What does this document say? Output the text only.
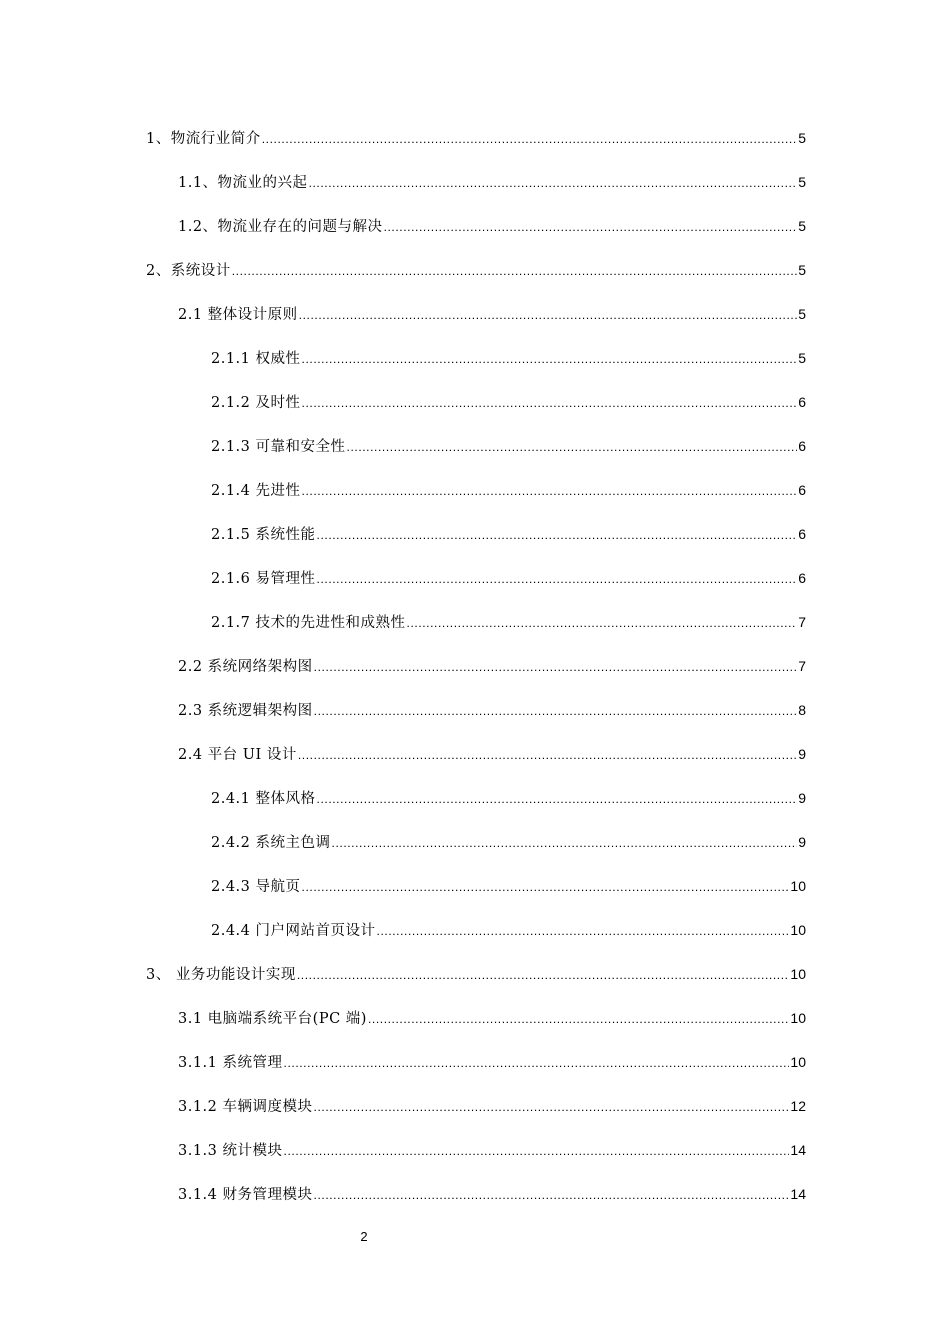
1、物流行业简介 .....	5
1.1、物流业的兴起 .....	5
1.2、物流业存在的问题与解决 .....	5
2、系统设计 .....	5
2.1 整体设计原则 .....	5
2.1.1 权威性 .....	5
2.1.2 及时性 .....	6
2.1.3 可靠和安全性 .....	6
2.1.4 先进性 .....	6
2.1.5 系统性能 .....	6
2.1.6 易管理性 .....	6
2.1.7 技术的先进性和成熟性 .....	7
2.2 系统网络架构图 .....	7
2.3 系统逻辑架构图 .....	8
2.4 平台 UI 设计 .....	9
2.4.1 整体风格 .....	9
2.4.2 系统主色调 .....	9
2.4.3 导航页 .....	10
2.4.4 门户网站首页设计 .....	10
3、 业务功能设计实现 .....	10
3.1 电脑端系统平台(PC 端) .....	10
3.1.1 系统管理 .....	10
3.1.2 车辆调度模块 .....	12
3.1.3 统计模块 .....	14
3.1.4 财务管理模块 .....	14
2
